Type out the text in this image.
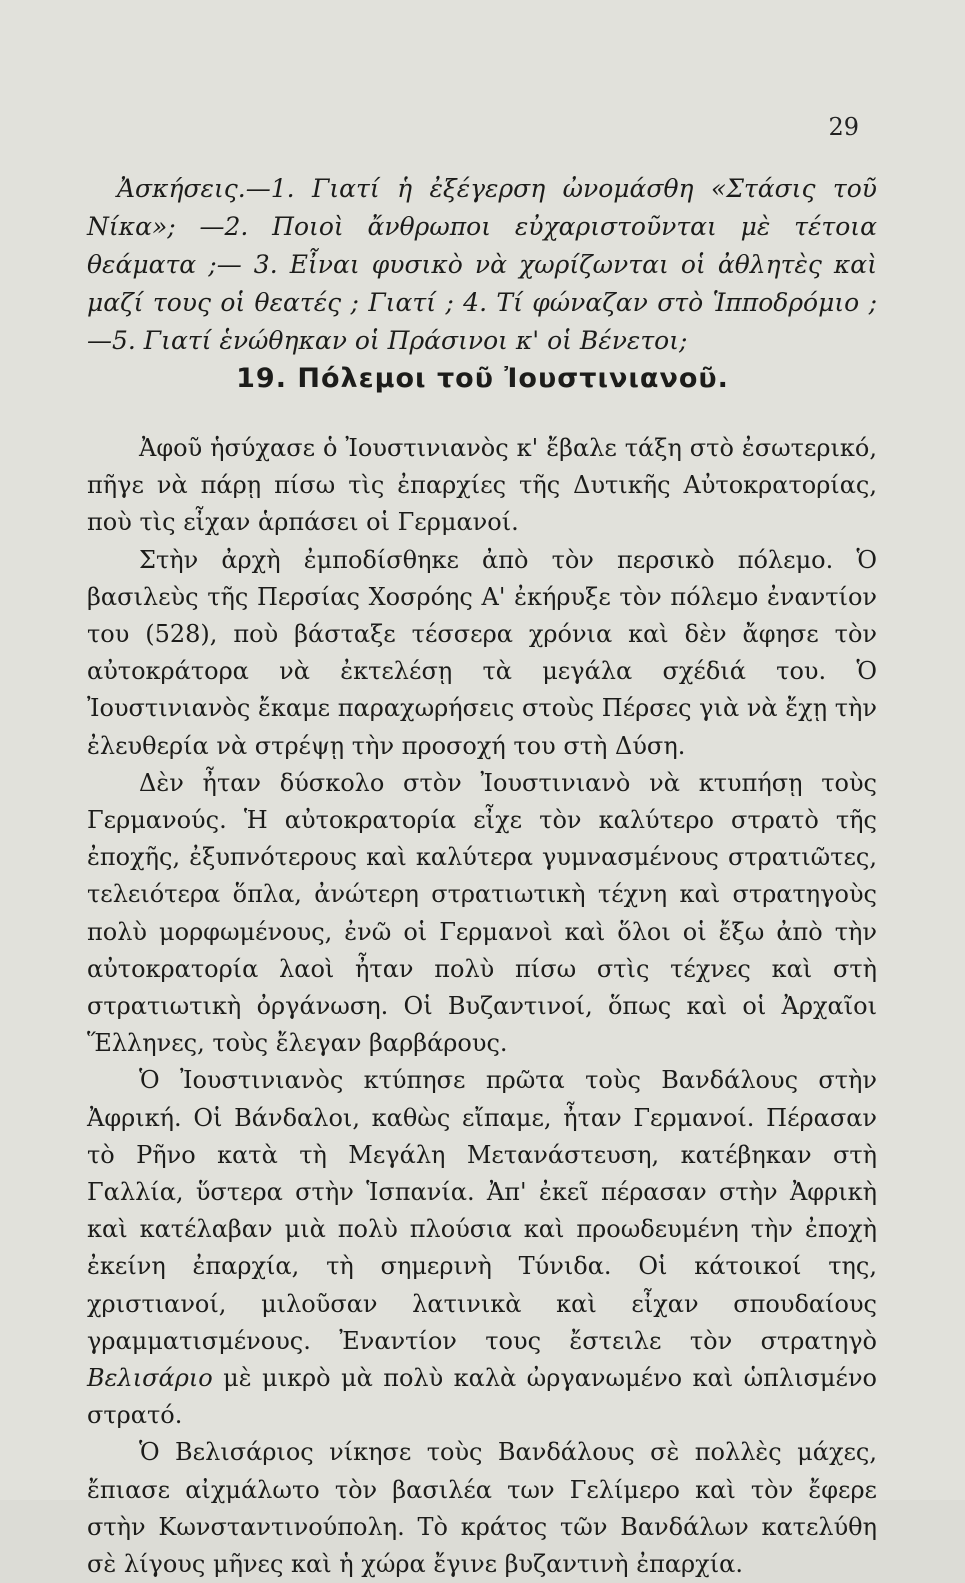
29
Ἀσκήσεις.—1. Γιατί ἡ ἐξέγερση ὠνομάσθη «Στάσις τοῦ Νίκα»; —2. Ποιοὶ ἄνθρωποι εὐχαριστοῦνται μὲ τέτοια θεάματα ;— 3. Εἶναι φυσικὸ νὰ χωρίζωνται οἱ ἀθλητὲς καὶ μαζί τους οἱ θεατές ; Γιατί ; 4. Τί φώναζαν στὸ Ἱπποδρόμιο ;—5. Γιατί ἑνώθηκαν οἱ Πράσινοι κ' οἱ Βένετοι;
19. Πόλεμοι τοῦ Ἰουστινιανοῦ.

Ἀφοῦ ἡσύχασε ὁ Ἰουστινιανὸς κ' ἔβαλε τάξη στὸ ἐσωτερικό, πῆγε νὰ πάρῃ πίσω τὶς ἐπαρχίες τῆς Δυτικῆς Αὐτοκρατορίας, ποὺ τὶς εἶχαν ἁρπάσει οἱ Γερμανοί.

Στὴν ἀρχὴ ἐμποδίσθηκε ἀπὸ τὸν περσικὸ πόλεμο. Ὁ βασιλεὺς τῆς Περσίας Χοσρόης Α' ἐκήρυξε τὸν πόλεμο ἐναντίον του (528), ποὺ βάσταξε τέσσερα χρόνια καὶ δὲν ἄφησε τὸν αὐτοκράτορα νὰ ἐκτελέσῃ τὰ μεγάλα σχέδιά του. Ὁ Ἰουστινιανὸς ἔκαμε παραχωρήσεις στοὺς Πέρσες γιὰ νὰ ἔχῃ τὴν ἐλευθερία νὰ στρέψῃ τὴν προσοχή του στὴ Δύση.

Δὲν ἦταν δύσκολο στὸν Ἰουστινιανὸ νὰ κτυπήσῃ τοὺς Γερμανούς. Ἡ αὐτοκρατορία εἶχε τὸν καλύτερο στρατὸ τῆς ἐποχῆς, ἐξυπνότερους καὶ καλύτερα γυμνασμένους στρατιῶτες, τελειότερα ὅπλα, ἀνώτερη στρατιωτικὴ τέχνη καὶ στρατηγοὺς πολὺ μορφωμένους, ἐνῶ οἱ Γερμανοὶ καὶ ὅλοι οἱ ἔξω ἀπὸ τὴν αὐτοκρατορία λαοὶ ἦταν πολὺ πίσω στὶς τέχνες καὶ στὴ στρατιωτικὴ ὀργάνωση. Οἱ Βυζαντινοί, ὅπως καὶ οἱ Ἀρχαῖοι Ἕλληνες, τοὺς ἔλεγαν βαρβάρους.

Ὁ Ἰουστινιανὸς κτύπησε πρῶτα τοὺς Βανδάλους στὴν Ἀφρική. Οἱ Βάνδαλοι, καθὼς εἴπαμε, ἦταν Γερμανοί. Πέρασαν τὸ Ρῆνο κατὰ τὴ Μεγάλη Μετανάστευση, κατέβηκαν στὴ Γαλλία, ὕστερα στὴν Ἱσπανία. Ἀπ' ἐκεῖ πέρασαν στὴν Ἀφρικὴ καὶ κατέλαβαν μιὰ πολὺ πλούσια καὶ προωδευμένη τὴν ἐποχὴ ἐκείνη ἐπαρχία, τὴ σημερινὴ Τύνιδα. Οἱ κάτοικοί της, χριστιανοί, μιλοῦσαν λατινικὰ καὶ εἶχαν σπουδαίους γραμματισμένους. Ἐναντίον τους ἔστειλε τὸν στρατηγὸ Βελισάριο μὲ μικρὸ μὰ πολὺ καλὰ ὠργανωμένο καὶ ὡπλισμένο στρατό.

Ὁ Βελισάριος νίκησε τοὺς Βανδάλους σὲ πολλὲς μάχες, ἔπιασε αἰχμάλωτο τὸν βασιλέα των Γελίμερο καὶ τὸν ἔφερε στὴν Κωνσταντινούπολη. Τὸ κράτος τῶν Βανδάλων κατελύθη σὲ λίγους μῆνες καὶ ἡ χώρα ἔγινε βυζαντινὴ ἐπαρχία.
